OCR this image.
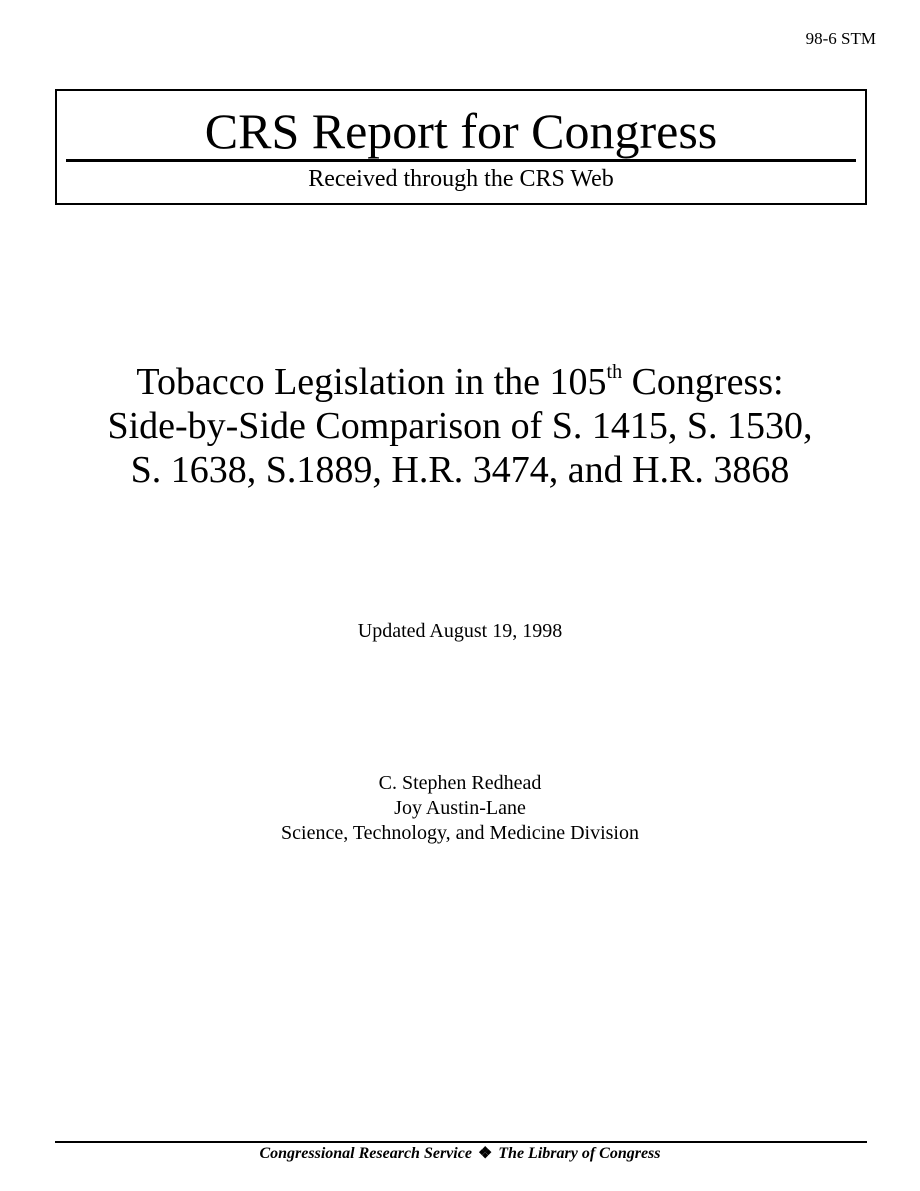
98-6 STM
CRS Report for Congress
Received through the CRS Web
Tobacco Legislation in the 105th Congress:
Side-by-Side Comparison of S. 1415, S. 1530,
S. 1638, S.1889, H.R. 3474, and H.R. 3868
Updated August 19, 1998
C. Stephen Redhead
Joy Austin-Lane
Science, Technology, and Medicine Division
Congressional Research Service ❖ The Library of Congress
